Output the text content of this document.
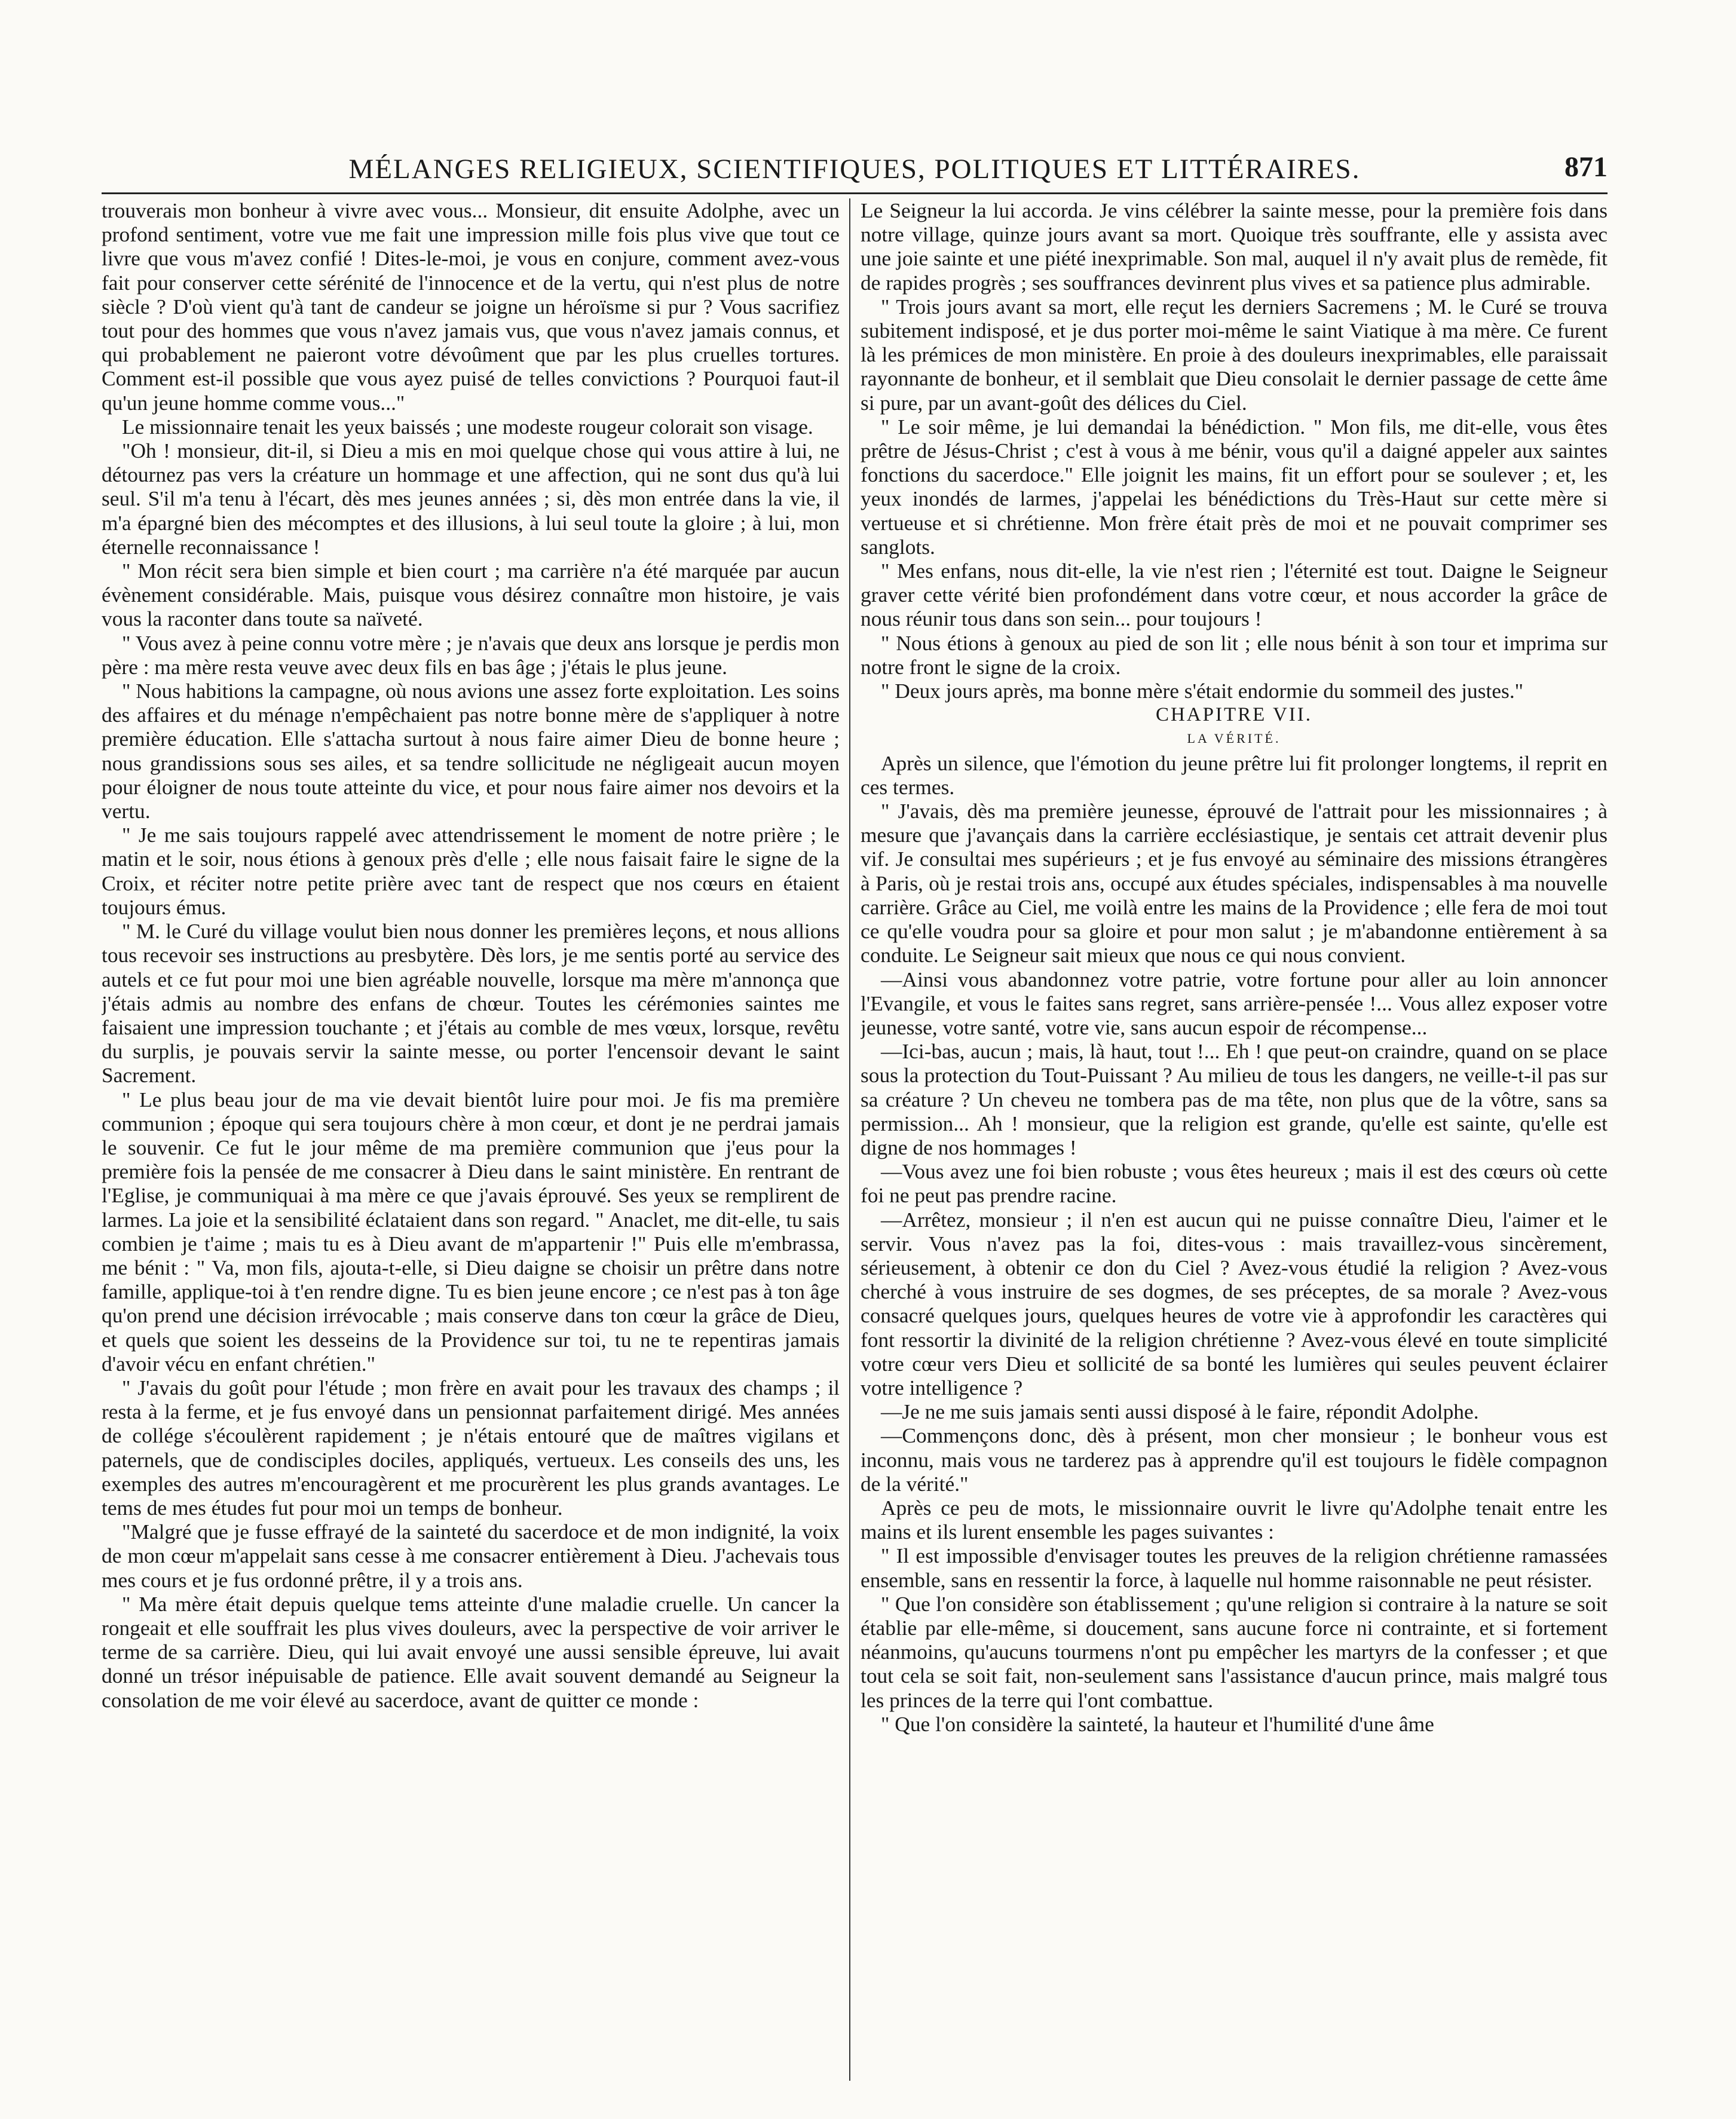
MÉLANGES RELIGIEUX, SCIENTIFIQUES, POLITIQUES ET LITTÉRAIRES.	871

trouverais mon bonheur à vivre avec vous... Monsieur, dit ensuite Adolphe, avec un profond sentiment, votre vue me fait une impression mille fois plus vive que tout ce livre que vous m'avez confié ! Dites-le-moi, je vous en conjure, comment avez-vous fait pour conserver cette sérénité de l'innocence et de la vertu, qui n'est plus de notre siècle ? D'où vient qu'à tant de candeur se joigne un héroïsme si pur ? Vous sacrifiez tout pour des hommes que vous n'avez jamais vus, que vous n'avez jamais connus, et qui probablement ne paieront votre dévoûment que par les plus cruelles tortures. Comment est-il possible que vous ayez puisé de telles convictions ? Pourquoi faut-il qu'un jeune homme comme vous..."

Le missionnaire tenait les yeux baissés ; une modeste rougeur colorait son visage.

"Oh ! monsieur, dit-il, si Dieu a mis en moi quelque chose qui vous attire à lui, ne détournez pas vers la créature un hommage et une affection, qui ne sont dus qu'à lui seul. S'il m'a tenu à l'écart, dès mes jeunes années ; si, dès mon entrée dans la vie, il m'a épargné bien des mécomptes et des illusions, à lui seul toute la gloire ; à lui, mon éternelle reconnaissance !

" Mon récit sera bien simple et bien court ; ma carrière n'a été marquée par aucun évènement considérable. Mais, puisque vous désirez connaître mon histoire, je vais vous la raconter dans toute sa naïveté.

" Vous avez à peine connu votre mère ; je n'avais que deux ans lorsque je perdis mon père : ma mère resta veuve avec deux fils en bas âge ; j'étais le plus jeune.

" Nous habitions la campagne, où nous avions une assez forte exploitation. Les soins des affaires et du ménage n'empêchaient pas notre bonne mère de s'appliquer à notre première éducation. Elle s'attacha surtout à nous faire aimer Dieu de bonne heure ; nous grandissions sous ses ailes, et sa tendre sollicitude ne négligeait aucun moyen pour éloigner de nous toute atteinte du vice, et pour nous faire aimer nos devoirs et la vertu.

" Je me sais toujours rappelé avec attendrissement le moment de notre prière ; le matin et le soir, nous étions à genoux près d'elle ; elle nous faisait faire le signe de la Croix, et réciter notre petite prière avec tant de respect que nos cœurs en étaient toujours émus.

" M. le Curé du village voulut bien nous donner les premières leçons, et nous allions tous recevoir ses instructions au presbytère. Dès lors, je me sentis porté au service des autels et ce fut pour moi une bien agréable nouvelle, lorsque ma mère m'annonça que j'étais admis au nombre des enfans de chœur. Toutes les cérémonies saintes me faisaient une impression touchante ; et j'étais au comble de mes vœux, lorsque, revêtu du surplis, je pouvais servir la sainte messe, ou porter l'encensoir devant le saint Sacrement.

" Le plus beau jour de ma vie devait bientôt luire pour moi. Je fis ma première communion ; époque qui sera toujours chère à mon cœur, et dont je ne perdrai jamais le souvenir. Ce fut le jour même de ma première communion que j'eus pour la première fois la pensée de me consacrer à Dieu dans le saint ministère. En rentrant de l'Eglise, je communiquai à ma mère ce que j'avais éprouvé. Ses yeux se remplirent de larmes. La joie et la sensibilité éclataient dans son regard. " Anaclet, me dit-elle, tu sais combien je t'aime ; mais tu es à Dieu avant de m'appartenir !" Puis elle m'embrassa, me bénit : " Va, mon fils, ajouta-t-elle, si Dieu daigne se choisir un prêtre dans notre famille, applique-toi à t'en rendre digne. Tu es bien jeune encore ; ce n'est pas à ton âge qu'on prend une décision irrévocable ; mais conserve dans ton cœur la grâce de Dieu, et quels que soient les desseins de la Providence sur toi, tu ne te repentiras jamais d'avoir vécu en enfant chrétien."

" J'avais du goût pour l'étude ; mon frère en avait pour les travaux des champs ; il resta à la ferme, et je fus envoyé dans un pensionnat parfaitement dirigé. Mes années de collége s'écoulèrent rapidement ; je n'étais entouré que de maîtres vigilans et paternels, que de condisciples dociles, appliqués, vertueux. Les conseils des uns, les exemples des autres m'encouragèrent et me procurèrent les plus grands avantages. Le tems de mes études fut pour moi un temps de bonheur.

"Malgré que je fusse effrayé de la sainteté du sacerdoce et de mon indignité, la voix de mon cœur m'appelait sans cesse à me consacrer entièrement à Dieu. J'achevais tous mes cours et je fus ordonné prêtre, il y a trois ans.

" Ma mère était depuis quelque tems atteinte d'une maladie cruelle. Un cancer la rongeait et elle souffrait les plus vives douleurs, avec la perspective de voir arriver le terme de sa carrière. Dieu, qui lui avait envoyé une aussi sensible épreuve, lui avait donné un trésor inépuisable de patience. Elle avait souvent demandé au Seigneur la consolation de me voir élevé au sacerdoce, avant de quitter ce monde :

Le Seigneur la lui accorda. Je vins célébrer la sainte messe, pour la première fois dans notre village, quinze jours avant sa mort. Quoique très souffrante, elle y assista avec une joie sainte et une piété inexprimable. Son mal, auquel il n'y avait plus de remède, fit de rapides progrès ; ses souffrances devinrent plus vives et sa patience plus admirable.

" Trois jours avant sa mort, elle reçut les derniers Sacremens ; M. le Curé se trouva subitement indisposé, et je dus porter moi-même le saint Viatique à ma mère. Ce furent là les prémices de mon ministère. En proie à des douleurs inexprimables, elle paraissait rayonnante de bonheur, et il semblait que Dieu consolait le dernier passage de cette âme si pure, par un avant-goût des délices du Ciel.

" Le soir même, je lui demandai la bénédiction. " Mon fils, me dit-elle, vous êtes prêtre de Jésus-Christ ; c'est à vous à me bénir, vous qu'il a daigné appeler aux saintes fonctions du sacerdoce." Elle joignit les mains, fit un effort pour se soulever ; et, les yeux inondés de larmes, j'appelai les bénédictions du Très-Haut sur cette mère si vertueuse et si chrétienne. Mon frère était près de moi et ne pouvait comprimer ses sanglots.

" Mes enfans, nous dit-elle, la vie n'est rien ; l'éternité est tout. Daigne le Seigneur graver cette vérité bien profondément dans votre cœur, et nous accorder la grâce de nous réunir tous dans son sein... pour toujours !

" Nous étions à genoux au pied de son lit ; elle nous bénit à son tour et imprima sur notre front le signe de la croix.

" Deux jours après, ma bonne mère s'était endormie du sommeil des justes."

CHAPITRE VII.

LA VÉRITÉ.

Après un silence, que l'émotion du jeune prêtre lui fit prolonger longtems, il reprit en ces termes.

" J'avais, dès ma première jeunesse, éprouvé de l'attrait pour les missionnaires ; à mesure que j'avançais dans la carrière ecclésiastique, je sentais cet attrait devenir plus vif. Je consultai mes supérieurs ; et je fus envoyé au séminaire des missions étrangères à Paris, où je restai trois ans, occupé aux études spéciales, indispensables à ma nouvelle carrière. Grâce au Ciel, me voilà entre les mains de la Providence ; elle fera de moi tout ce qu'elle voudra pour sa gloire et pour mon salut ; je m'abandonne entièrement à sa conduite. Le Seigneur sait mieux que nous ce qui nous convient.

—Ainsi vous abandonnez votre patrie, votre fortune pour aller au loin annoncer l'Evangile, et vous le faites sans regret, sans arrière-pensée !... Vous allez exposer votre jeunesse, votre santé, votre vie, sans aucun espoir de récompense...

—Ici-bas, aucun ; mais, là haut, tout !... Eh ! que peut-on craindre, quand on se place sous la protection du Tout-Puissant ? Au milieu de tous les dangers, ne veille-t-il pas sur sa créature ? Un cheveu ne tombera pas de ma tête, non plus que de la vôtre, sans sa permission... Ah ! monsieur, que la religion est grande, qu'elle est sainte, qu'elle est digne de nos hommages !

—Vous avez une foi bien robuste ; vous êtes heureux ; mais il est des cœurs où cette foi ne peut pas prendre racine.

—Arrêtez, monsieur ; il n'en est aucun qui ne puisse connaître Dieu, l'aimer et le servir. Vous n'avez pas la foi, dites-vous : mais travaillez-vous sincèrement, sérieusement, à obtenir ce don du Ciel ? Avez-vous étudié la religion ? Avez-vous cherché à vous instruire de ses dogmes, de ses préceptes, de sa morale ? Avez-vous consacré quelques jours, quelques heures de votre vie à approfondir les caractères qui font ressortir la divinité de la religion chrétienne ? Avez-vous élevé en toute simplicité votre cœur vers Dieu et sollicité de sa bonté les lumières qui seules peuvent éclairer votre intelligence ?

—Je ne me suis jamais senti aussi disposé à le faire, répondit Adolphe.

—Commençons donc, dès à présent, mon cher monsieur ; le bonheur vous est inconnu, mais vous ne tarderez pas à apprendre qu'il est toujours le fidèle compagnon de la vérité."

Après ce peu de mots, le missionnaire ouvrit le livre qu'Adolphe tenait entre les mains et ils lurent ensemble les pages suivantes :

" Il est impossible d'envisager toutes les preuves de la religion chrétienne ramassées ensemble, sans en ressentir la force, à laquelle nul homme raisonnable ne peut résister.

" Que l'on considère son établissement ; qu'une religion si contraire à la nature se soit établie par elle-même, si doucement, sans aucune force ni contrainte, et si fortement néanmoins, qu'aucuns tourmens n'ont pu empêcher les martyrs de la confesser ; et que tout cela se soit fait, non-seulement sans l'assistance d'aucun prince, mais malgré tous les princes de la terre qui l'ont combattue.

" Que l'on considère la sainteté, la hauteur et l'humilité d'une âme
